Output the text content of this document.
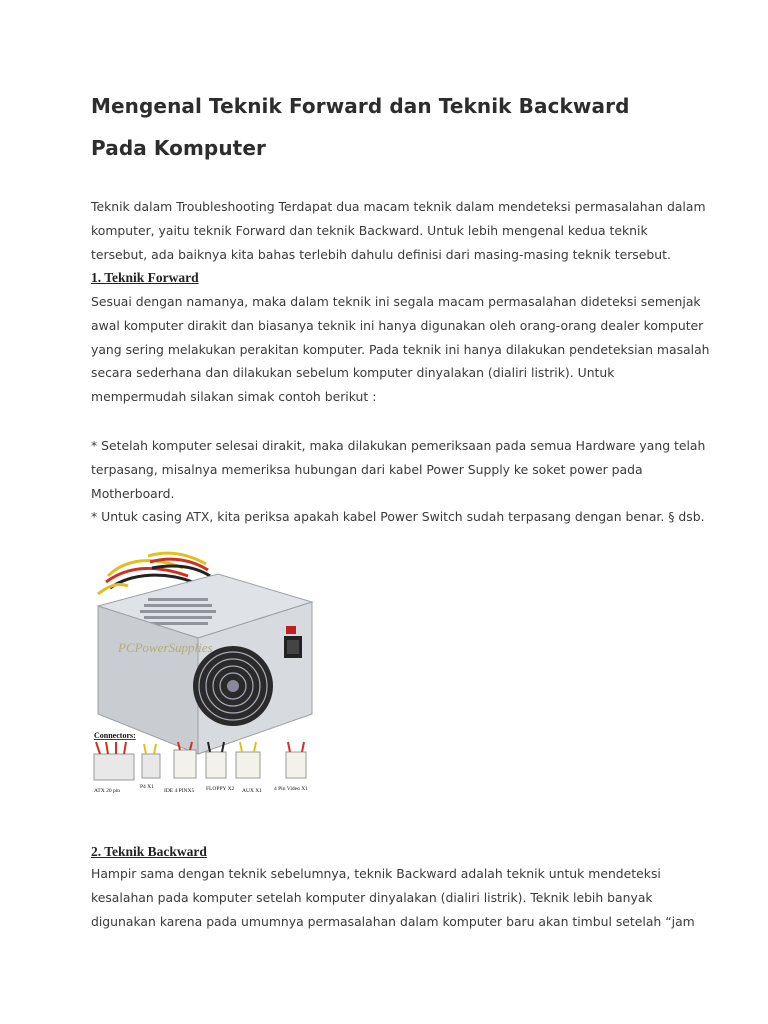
Mengenal Teknik Forward dan Teknik Backward
Pada Komputer
Teknik dalam Troubleshooting Terdapat dua macam teknik dalam mendeteksi permasalahan dalam
komputer, yaitu teknik Forward dan teknik Backward. Untuk lebih mengenal kedua teknik
tersebut, ada baiknya kita bahas terlebih dahulu definisi dari masing-masing teknik tersebut.
1. Teknik Forward
Sesuai dengan namanya, maka dalam teknik ini segala macam permasalahan dideteksi semenjak
awal komputer dirakit dan biasanya teknik ini hanya digunakan oleh orang-orang dealer komputer
yang sering melakukan perakitan komputer. Pada teknik ini hanya dilakukan pendeteksian masalah
secara sederhana dan dilakukan sebelum komputer dinyalakan (dialiri listrik). Untuk
mempermudah silakan simak contoh berikut :
* Setelah komputer selesai dirakit, maka dilakukan pemeriksaan pada semua Hardware yang telah
terpasang, misalnya memeriksa hubungan dari kabel Power Supply ke soket power pada
Motherboard.
* Untuk casing ATX, kita periksa apakah kabel Power Switch sudah terpasang dengan benar. § dsb.
PCPowerSupplies
Connectors:
ATX 20 pin
P4 X1
IDE 4 PINX5 FLOPPY X2 AUX X1 4 Pin Video X1
2. Teknik Backward
Hampir sama dengan teknik sebelumnya, teknik Backward adalah teknik untuk mendeteksi
kesalahan pada komputer setelah komputer dinyalakan (dialiri listrik). Teknik lebih banyak
digunakan karena pada umumnya permasalahan dalam komputer baru akan timbul setelah “jam
